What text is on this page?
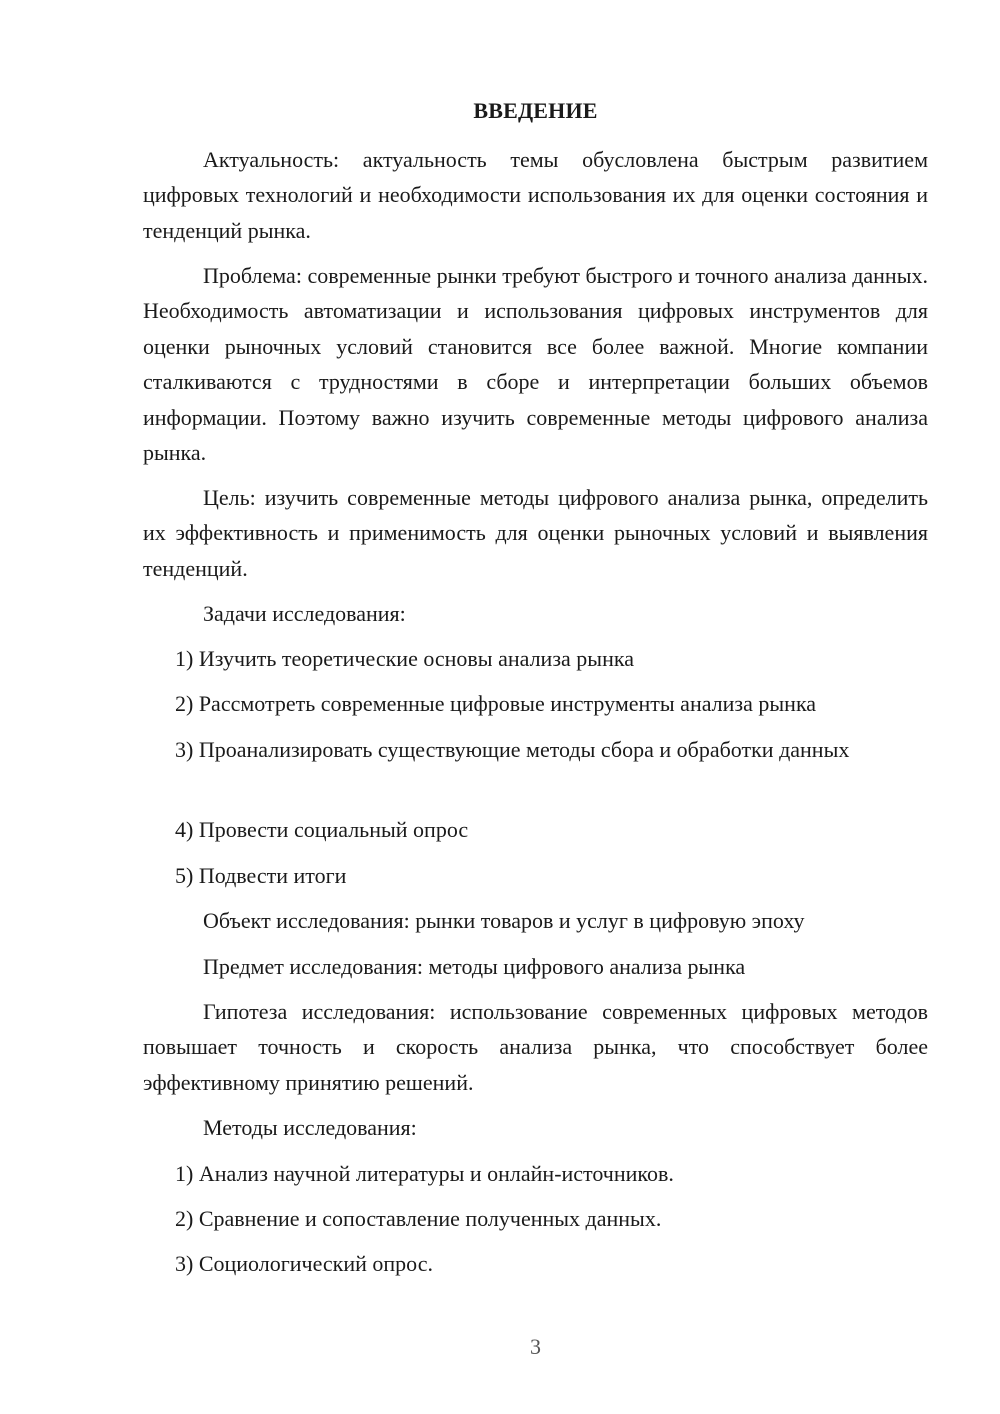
ВВЕДЕНИЕ

Актуальность: актуальность темы обусловлена быстрым развитием цифровых технологий и необходимости использования их для оценки состояния и тенденций рынка.

Проблема: современные рынки требуют быстрого и точного анализа данных. Необходимость автоматизации и использования цифровых инструментов для оценки рыночных условий становится все более важной. Многие компании сталкиваются с трудностями в сборе и интерпретации больших объемов информации. Поэтому важно изучить современные методы цифрового анализа рынка.

Цель: изучить современные методы цифрового анализа рынка, определить их эффективность и применимость для оценки рыночных условий и выявления тенденций.

Задачи исследования:

1) Изучить теоретические основы анализа рынка

2) Рассмотреть современные цифровые инструменты анализа рынка

3) Проанализировать существующие методы сбора и обработки данных

4) Провести социальный опрос

5) Подвести итоги

Объект исследования: рынки товаров и услуг в цифровую эпоху

Предмет исследования: методы цифрового анализа рынка

Гипотеза исследования: использование современных цифровых методов повышает точность и скорость анализа рынка, что способствует более эффективному принятию решений.

Методы исследования:

1) Анализ научной литературы и онлайн-источников.

2) Сравнение и сопоставление полученных данных.

3) Социологический опрос.

3
